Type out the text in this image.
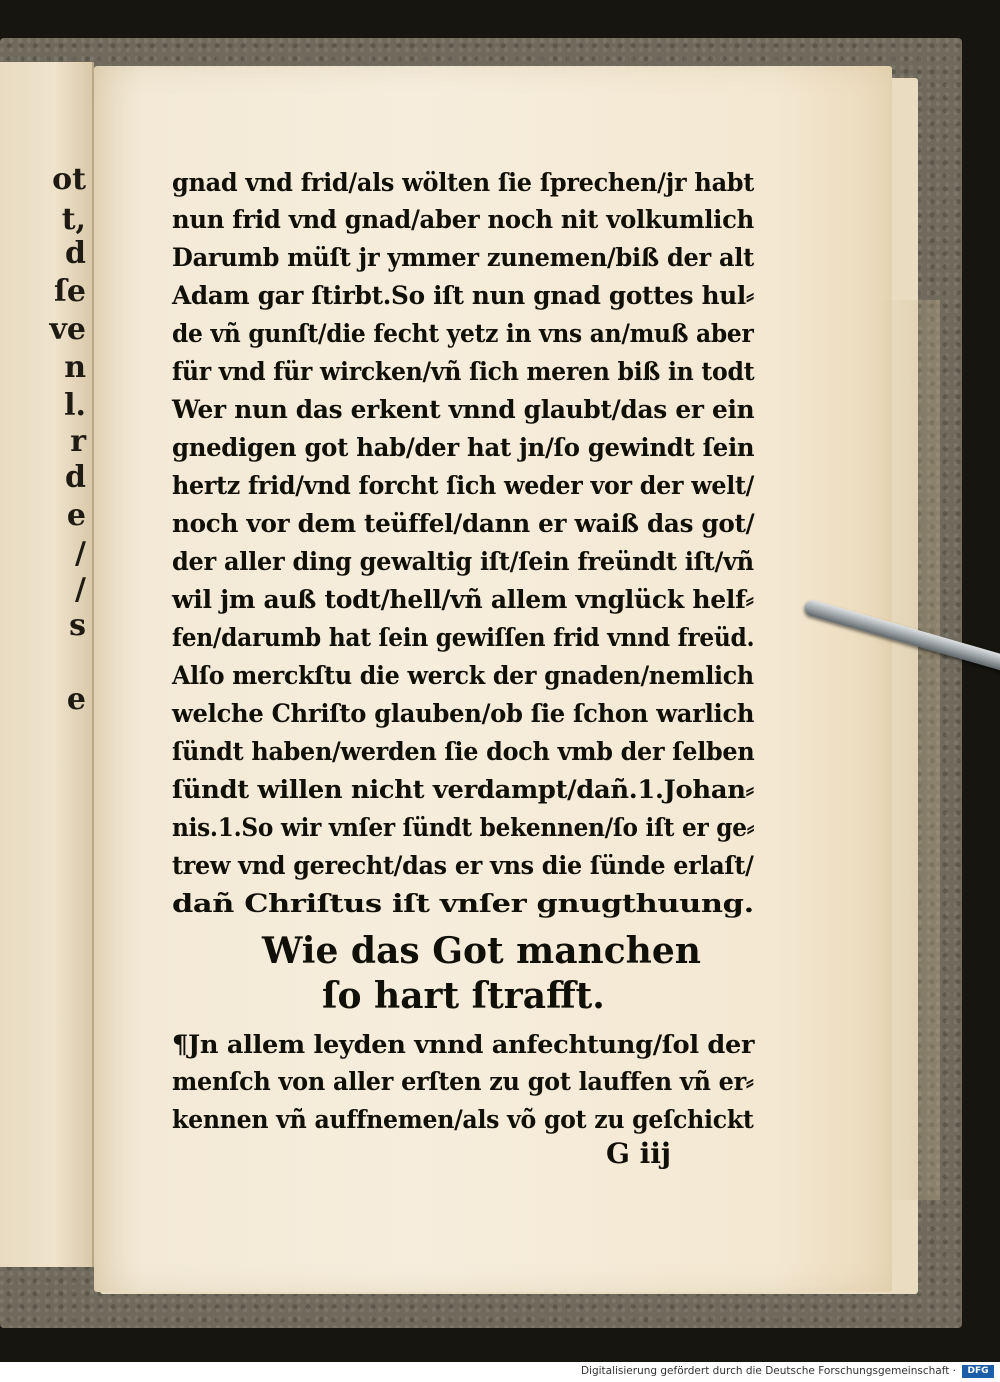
ot
t,
d
ſe
ve
n
l.
r
d
e
/
/
s
e
gnad vnd frid/als wölten ſie ſprechen/jr habt
nun frid vnd gnad/aber noch nit volkumlich
Darumb müſt jr ymmer zunemen/biß der alt
Adam gar ſtirbt.So iſt nun gnad gottes hul⸗
de vñ gunſt/die fecht yetz in vns an/muß aber
für vnd für wircken/vñ ſich meren biß in todt
Wer nun das erkent vnnd glaubt/das er ein
gnedigen got hab/der hat jn/ſo gewindt ſein
hertz frid/vnd forcht ſich weder vor der welt/
noch vor dem teüffel/dann er waiß das got/
der aller ding gewaltig iſt/ſein freündt iſt/vñ
wil jm auß todt/hell/vñ allem vnglück helf⸗
fen/darumb hat ſein gewiſſen frid vnnd freüd.
Alſo merckſtu die werck der gnaden/nemlich
welche Chriſto glauben/ob ſie ſchon warlich
ſündt haben/werden ſie doch vmb der ſelben
ſündt willen nicht verdampt/dañ.1.Johan⸗
nis.1.So wir vnſer ſündt bekennen/ſo iſt er ge⸗
trew vnd gerecht/das er vns die ſünde erlaſt/
dañ Chriſtus iſt vnſer gnugthuung.
Wie das Got manchen
ſo hart ſtrafft.
¶Jn allem leyden vnnd anfechtung/ſol der
menſch von aller erſten zu got lauffen vñ er⸗
kennen vñ auffnemen/als võ got zu geſchickt
G iij
Digitalisierung gefördert durch die Deutsche Forschungsgemeinschaft ·	DFG
